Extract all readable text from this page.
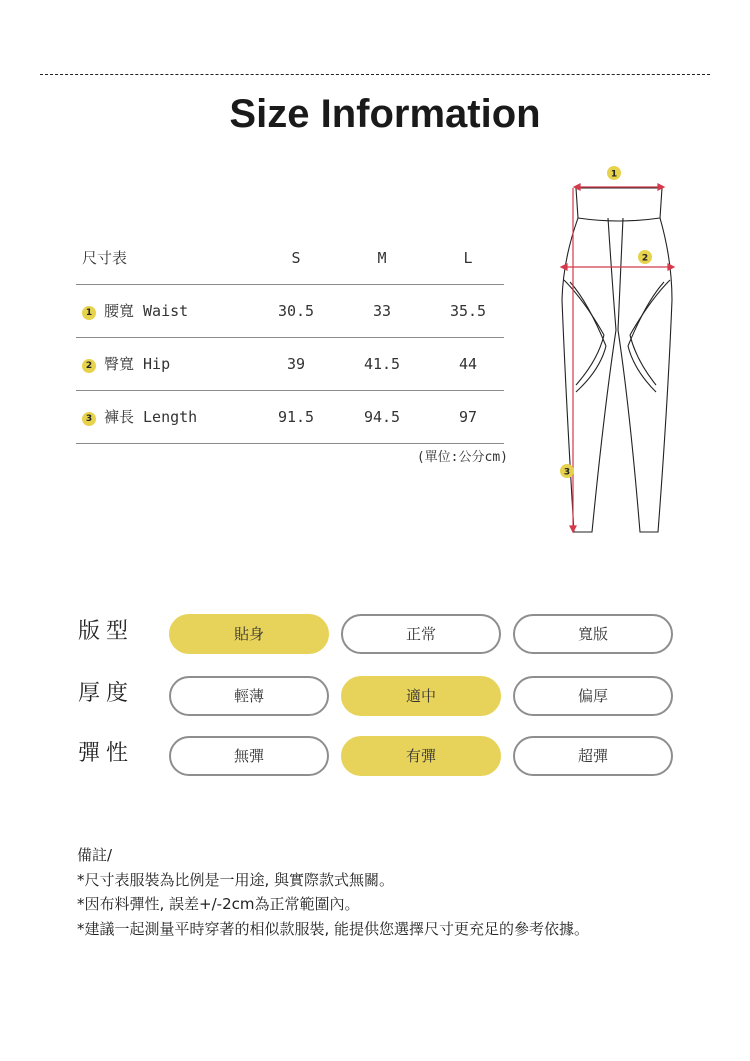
Size Information
尺寸表	S	M	L
1 腰寬 Waist	30.5	33	35.5
2 臀寬 Hip	39	41.5	44
3 褲長 Length	91.5	94.5	97
(單位:公分cm)
1
2
3
版型	貼身	正常	寬版
厚度	輕薄	適中	偏厚
彈性	無彈	有彈	超彈
備註/
*尺寸表服裝為比例是一用途, 與實際款式無關。
*因布料彈性, 誤差+/-2cm為正常範圍內。
*建議一起測量平時穿著的相似款服裝, 能提供您選擇尺寸更充足的參考依據。
